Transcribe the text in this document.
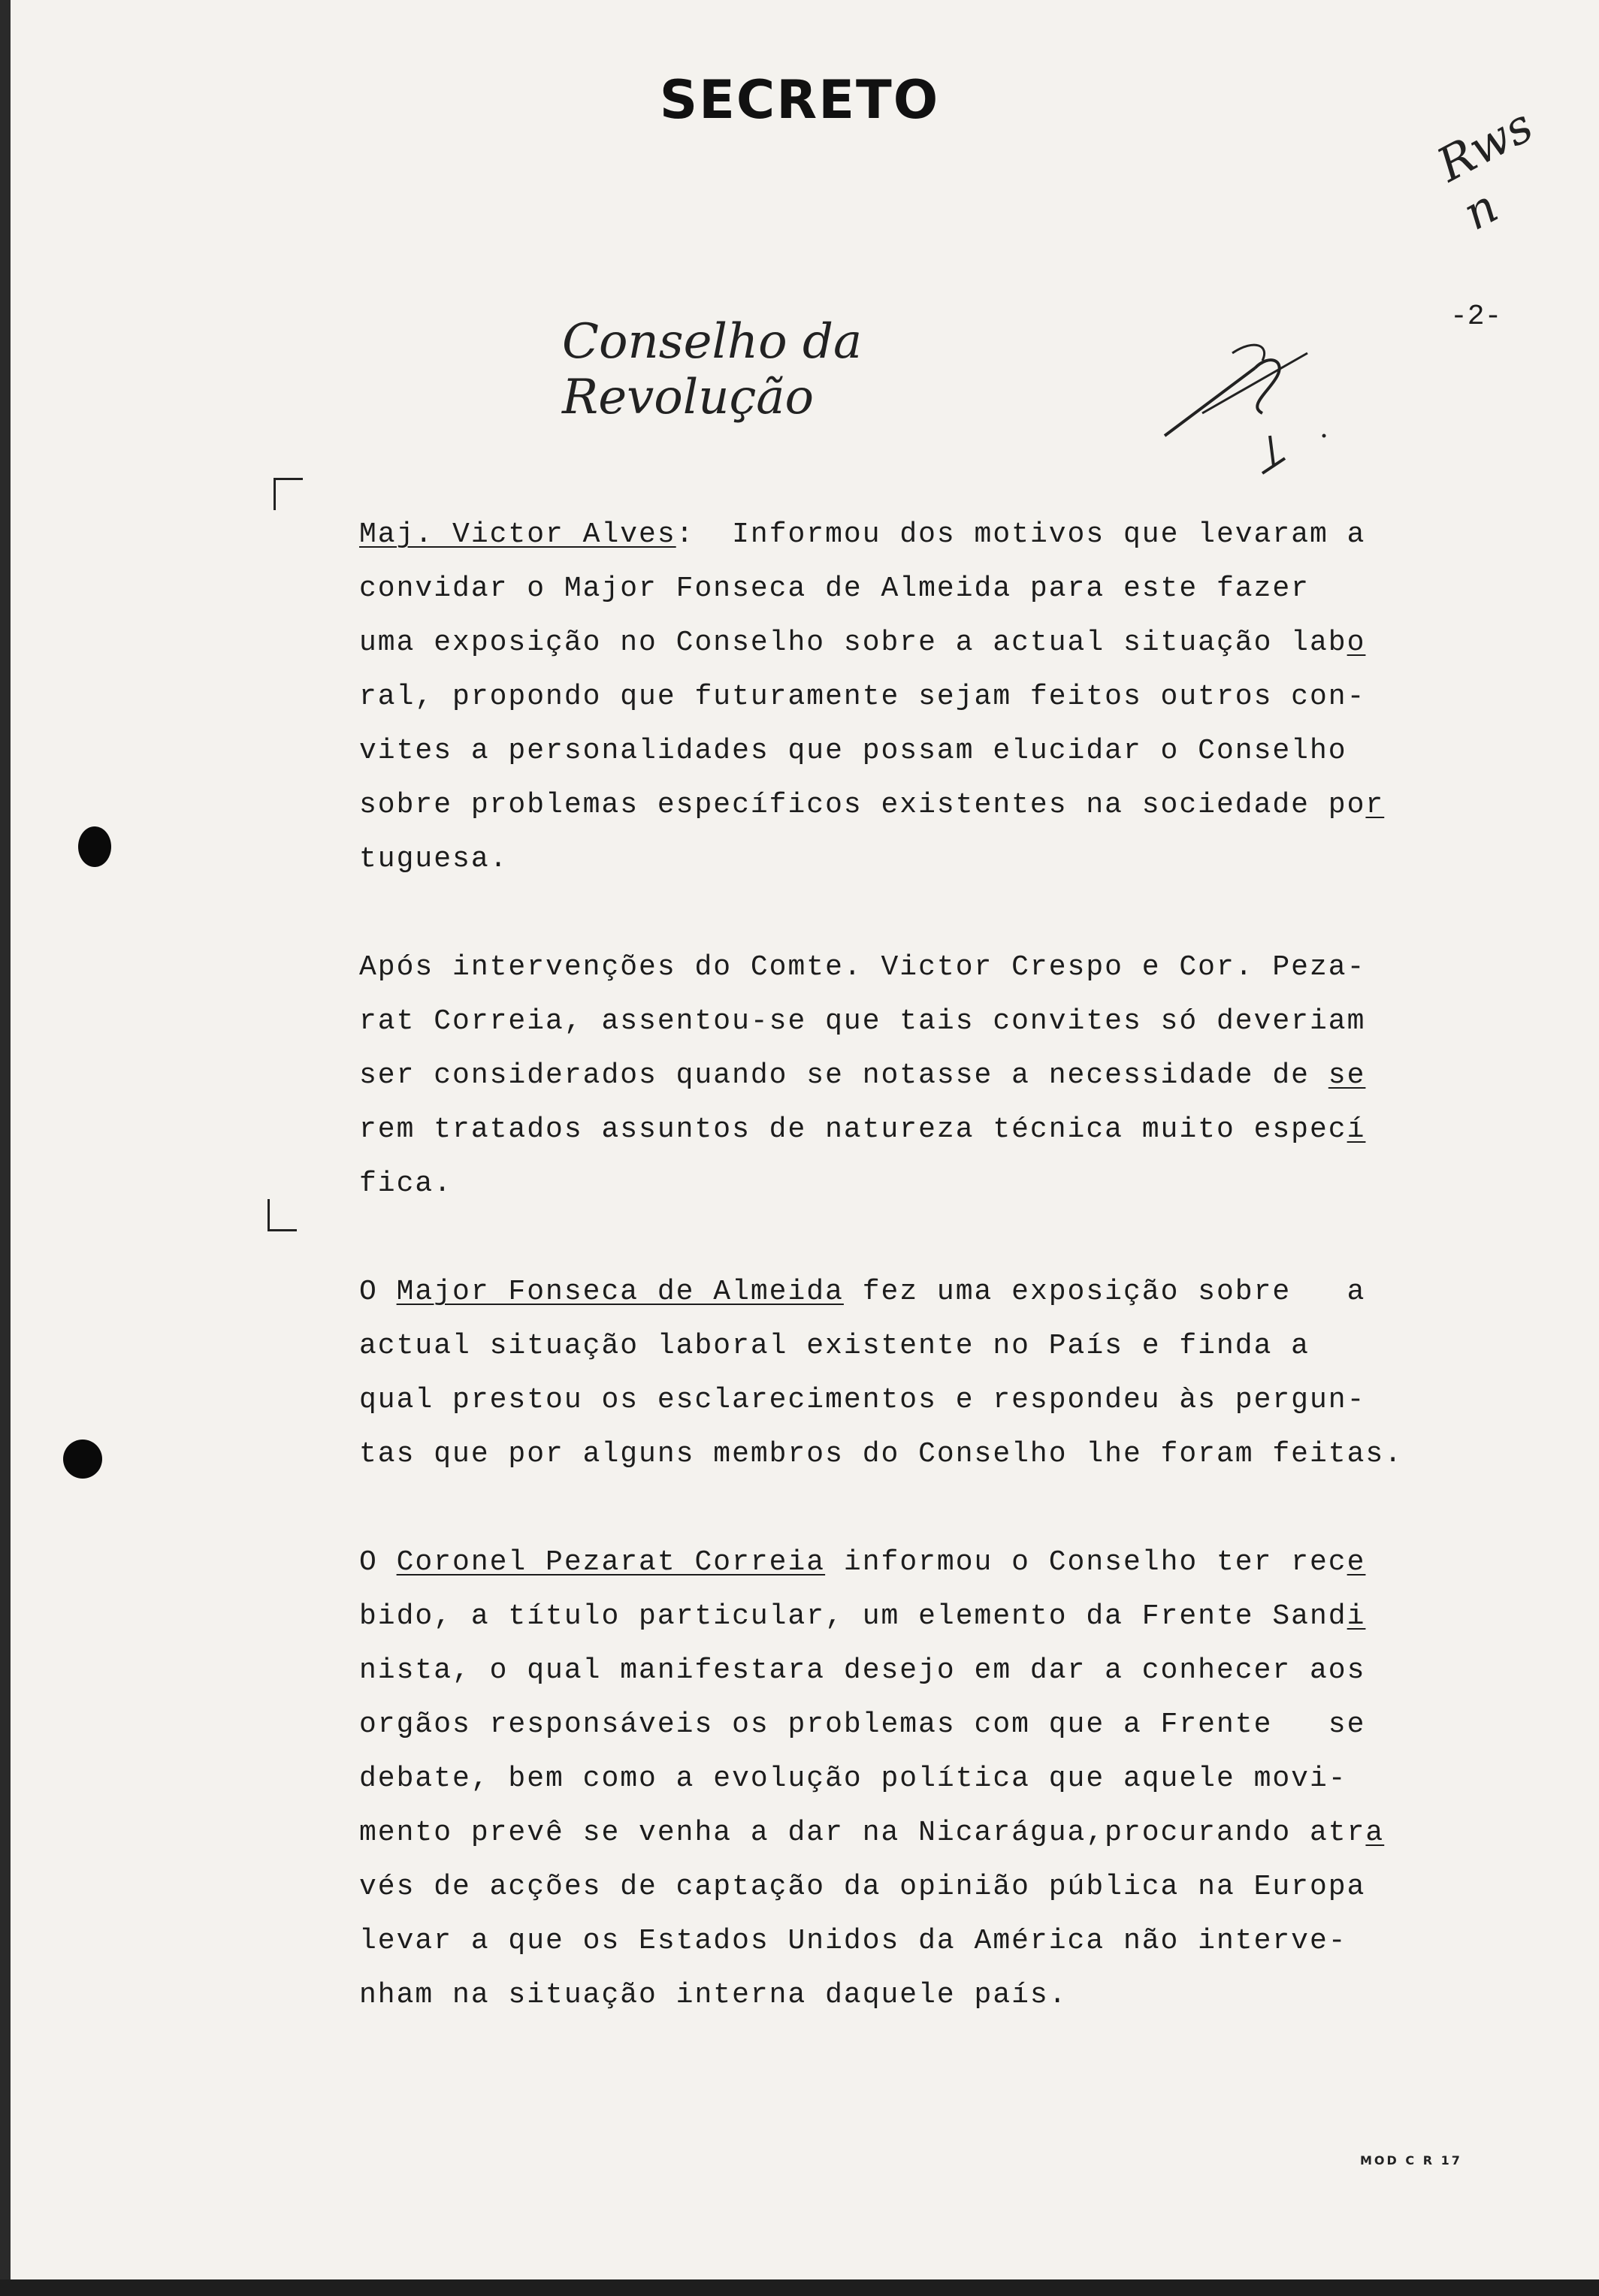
SECRETO	Rws n
-2-
Conselho da Revolução
Maj. Victor Alves:  Informou dos motivos que levaram a
convidar o Major Fonseca de Almeida para este fazer
uma exposição no Conselho sobre a actual situação labo
ral, propondo que futuramente sejam feitos outros con-
vites a personalidades que possam elucidar o Conselho
sobre problemas específicos existentes na sociedade por
tuguesa.
Após intervenções do Comte. Victor Crespo e Cor. Peza-
rat Correia, assentou-se que tais convites só deveriam
ser considerados quando se notasse a necessidade de se
rem tratados assuntos de natureza técnica muito especí
fica.
O Major Fonseca de Almeida fez uma exposição sobre   a
actual situação laboral existente no País e finda a
qual prestou os esclarecimentos e respondeu às pergun-
tas que por alguns membros do Conselho lhe foram feitas.
O Coronel Pezarat Correia informou o Conselho ter rece
bido, a título particular, um elemento da Frente Sandi
nista, o qual manifestara desejo em dar a conhecer aos
orgãos responsáveis os problemas com que a Frente   se
debate, bem como a evolução política que aquele movi-
mento prevê se venha a dar na Nicarágua,procurando atra
vés de acções de captação da opinião pública na Europa
levar a que os Estados Unidos da América não interve-
nham na situação interna daquele país.
MOD C R 17
